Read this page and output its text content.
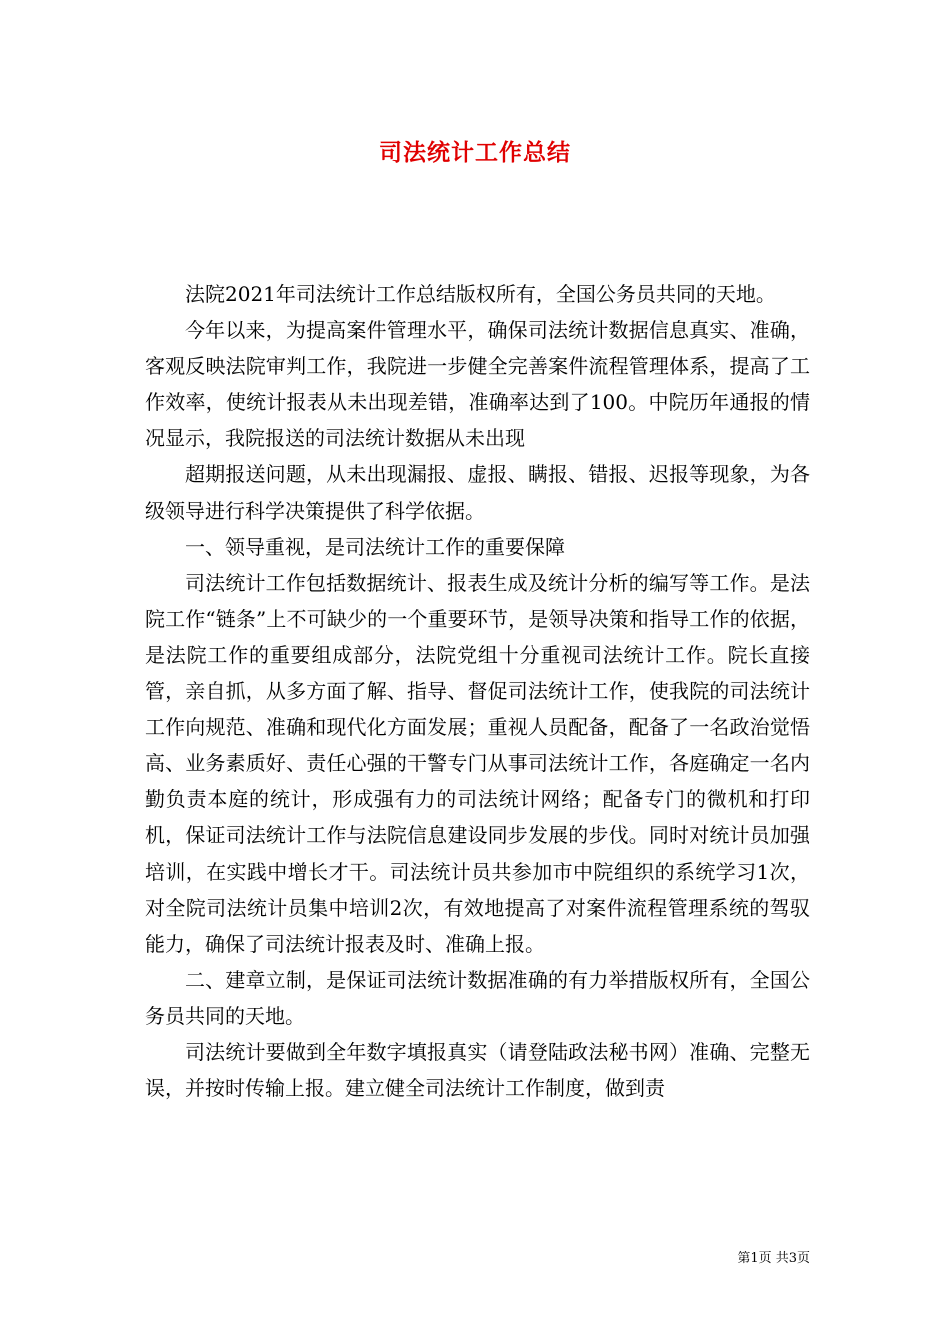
司法统计工作总结

法院2021年司法统计工作总结版权所有，全国公务员共同的天地。

今年以来，为提高案件管理水平，确保司法统计数据信息真实、准确，客观反映法院审判工作，我院进一步健全完善案件流程管理体系，提高了工作效率，使统计报表从未出现差错，准确率达到了100。中院历年通报的情况显示，我院报送的司法统计数据从未出现

超期报送问题，从未出现漏报、虚报、瞒报、错报、迟报等现象，为各级领导进行科学决策提供了科学依据。

一、领导重视，是司法统计工作的重要保障

司法统计工作包括数据统计、报表生成及统计分析的编写等工作。是法院工作“链条”上不可缺少的一个重要环节，是领导决策和指导工作的依据，是法院工作的重要组成部分，法院党组十分重视司法统计工作。院长直接管，亲自抓，从多方面了解、指导、督促司法统计工作，使我院的司法统计工作向规范、准确和现代化方面发展；重视人员配备，配备了一名政治觉悟高、业务素质好、责任心强的干警专门从事司法统计工作，各庭确定一名内勤负责本庭的统计，形成强有力的司法统计网络；配备专门的微机和打印机，保证司法统计工作与法院信息建设同步发展的步伐。同时对统计员加强培训，在实践中增长才干。司法统计员共参加市中院组织的系统学习1次，对全院司法统计员集中培训2次，有效地提高了对案件流程管理系统的驾驭能力，确保了司法统计报表及时、准确上报。

二、建章立制，是保证司法统计数据准确的有力举措版权所有，全国公务员共同的天地。

司法统计要做到全年数字填报真实（请登陆政法秘书网）准确、完整无误，并按时传输上报。建立健全司法统计工作制度，做到责

第1页 共3页
